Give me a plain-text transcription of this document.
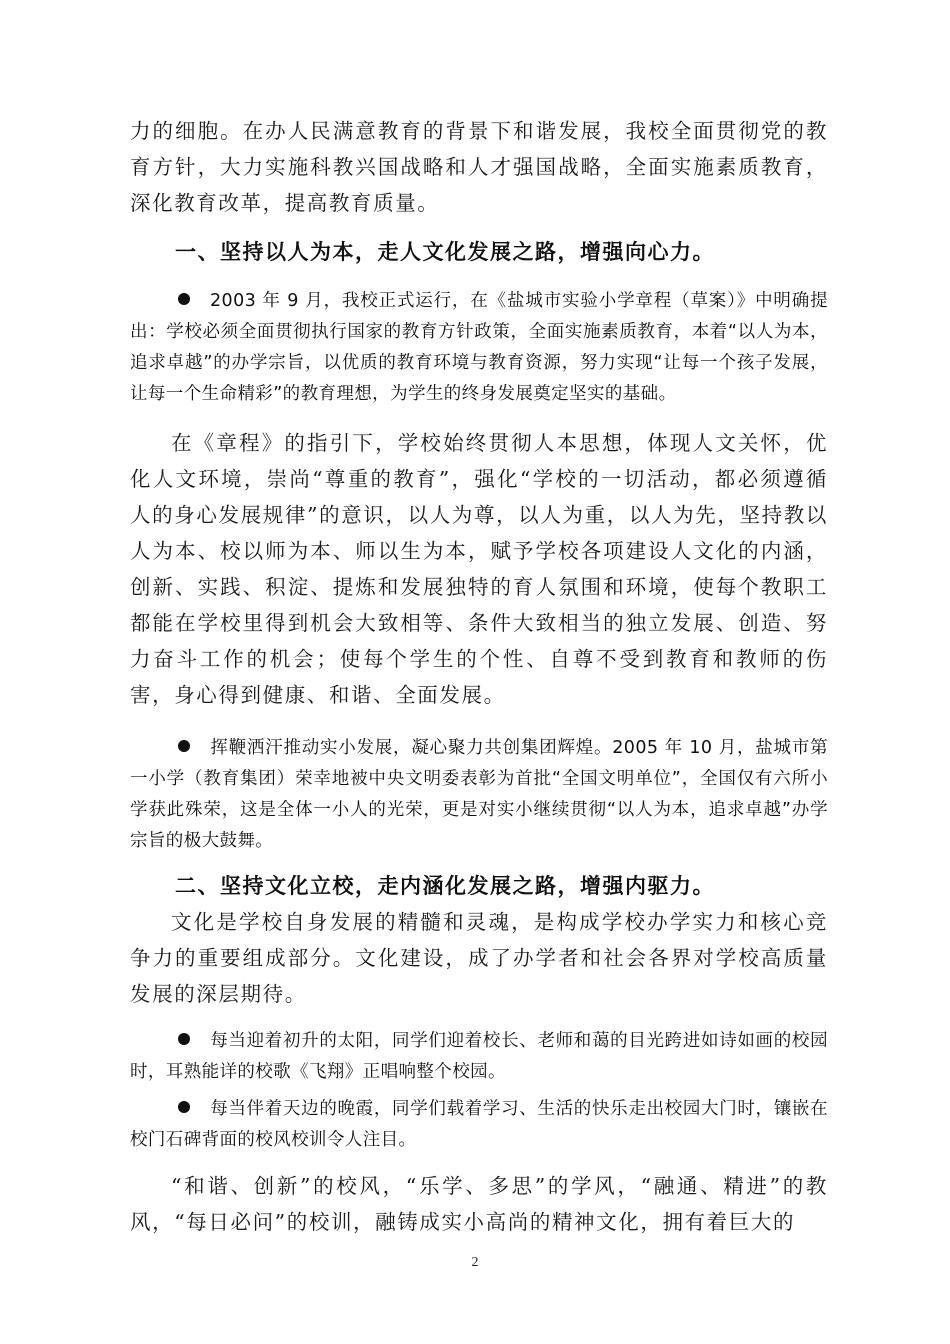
力的细胞。在办人民满意教育的背景下和谐发展，我校全面贯彻党的教育方针，大力实施科教兴国战略和人才强国战略，全面实施素质教育，深化教育改革，提高教育质量。

一、坚持以人为本，走人文化发展之路，增强向心力。

2003 年 9 月，我校正式运行，在《盐城市实验小学章程（草案）》中明确提出：学校必须全面贯彻执行国家的教育方针政策，全面实施素质教育，本着“以人为本，追求卓越”的办学宗旨，以优质的教育环境与教育资源，努力实现“让每一个孩子发展，让每一个生命精彩”的教育理想，为学生的终身发展奠定坚实的基础。

在《章程》的指引下，学校始终贯彻人本思想，体现人文关怀，优化人文环境，崇尚“尊重的教育”，强化“学校的一切活动，都必须遵循人的身心发展规律”的意识，以人为尊，以人为重，以人为先，坚持教以人为本、校以师为本、师以生为本，赋予学校各项建设人文化的内涵，创新、实践、积淀、提炼和发展独特的育人氛围和环境，使每个教职工都能在学校里得到机会大致相等、条件大致相当的独立发展、创造、努力奋斗工作的机会；使每个学生的个性、自尊不受到教育和教师的伤害，身心得到健康、和谐、全面发展。

挥鞭洒汗推动实小发展，凝心聚力共创集团辉煌。2005 年 10 月，盐城市第一小学（教育集团）荣幸地被中央文明委表彰为首批“全国文明单位”，全国仅有六所小学获此殊荣，这是全体一小人的光荣，更是对实小继续贯彻“以人为本，追求卓越”办学宗旨的极大鼓舞。

二、坚持文化立校，走内涵化发展之路，增强内驱力。

文化是学校自身发展的精髓和灵魂，是构成学校办学实力和核心竞争力的重要组成部分。文化建设，成了办学者和社会各界对学校高质量发展的深层期待。

每当迎着初升的太阳，同学们迎着校长、老师和蔼的目光跨进如诗如画的校园时，耳熟能详的校歌《飞翔》正唱响整个校园。

每当伴着天边的晚霞，同学们载着学习、生活的快乐走出校园大门时，镶嵌在校门石碑背面的校风校训令人注目。

“和谐、创新”的校风，“乐学、多思”的学风，“融通、精进”的教风，“每日必问”的校训，融铸成实小高尚的精神文化，拥有着巨大的

2
